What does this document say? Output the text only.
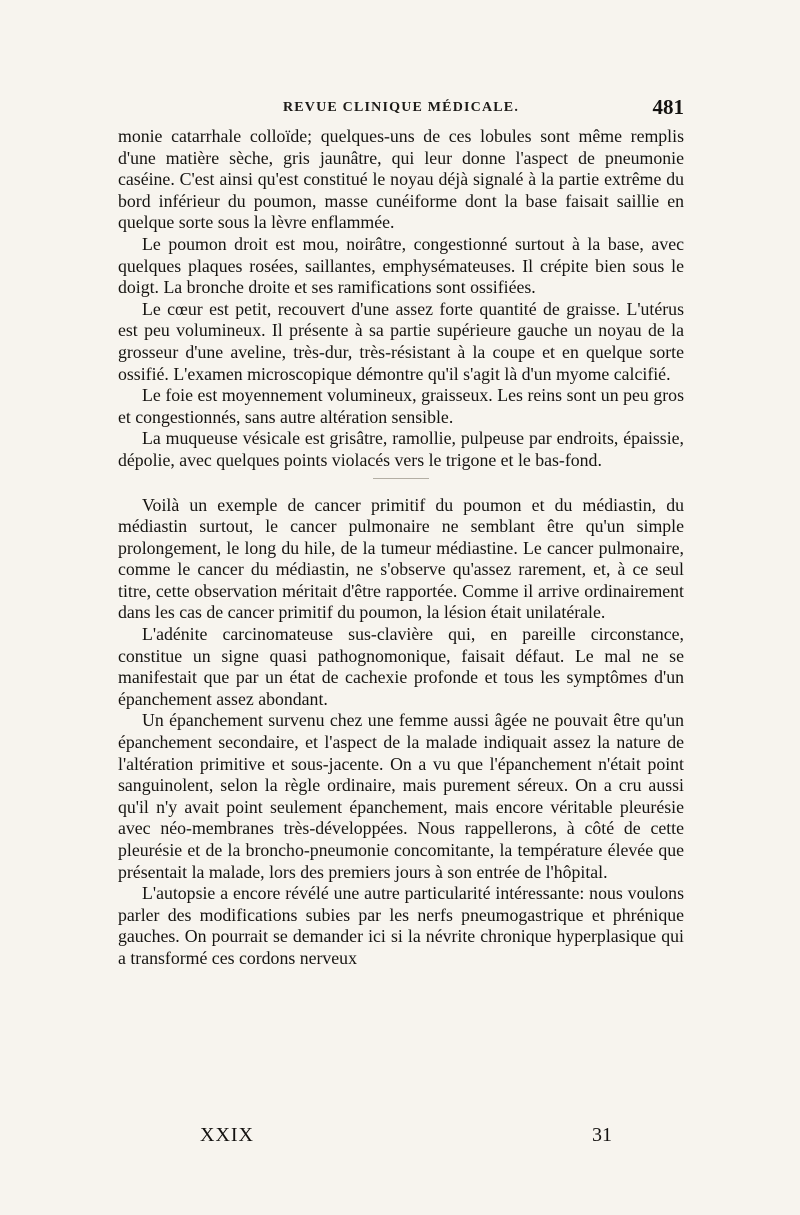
REVUE CLINIQUE MÉDICALE.	481

monie catarrhale colloïde; quelques-uns de ces lobules sont même remplis d'une matière sèche, gris jaunâtre, qui leur donne l'aspect de pneumonie caséine. C'est ainsi qu'est constitué le noyau déjà signalé à la partie extrême du bord inférieur du poumon, masse cunéiforme dont la base faisait saillie en quelque sorte sous la lèvre enflammée.

Le poumon droit est mou, noirâtre, congestionné surtout à la base, avec quelques plaques rosées, saillantes, emphysémateuses. Il crépite bien sous le doigt. La bronche droite et ses ramifications sont ossifiées.

Le cœur est petit, recouvert d'une assez forte quantité de graisse. L'utérus est peu volumineux. Il présente à sa partie supérieure gauche un noyau de la grosseur d'une aveline, très-dur, très-résistant à la coupe et en quelque sorte ossifié. L'examen microscopique démontre qu'il s'agit là d'un myome calcifié.

Le foie est moyennement volumineux, graisseux. Les reins sont un peu gros et congestionnés, sans autre altération sensible.

La muqueuse vésicale est grisâtre, ramollie, pulpeuse par endroits, épaissie, dépolie, avec quelques points violacés vers le trigone et le bas-fond.

Voilà un exemple de cancer primitif du poumon et du médiastin, du médiastin surtout, le cancer pulmonaire ne semblant être qu'un simple prolongement, le long du hile, de la tumeur médiastine. Le cancer pulmonaire, comme le cancer du médiastin, ne s'observe qu'assez rarement, et, à ce seul titre, cette observation méritait d'être rapportée. Comme il arrive ordinairement dans les cas de cancer primitif du poumon, la lésion était unilatérale.

L'adénite carcinomateuse sus-clavière qui, en pareille circonstance, constitue un signe quasi pathognomonique, faisait défaut. Le mal ne se manifestait que par un état de cachexie profonde et tous les symptômes d'un épanchement assez abondant.

Un épanchement survenu chez une femme aussi âgée ne pouvait être qu'un épanchement secondaire, et l'aspect de la malade indiquait assez la nature de l'altération primitive et sous-jacente. On a vu que l'épanchement n'était point sanguinolent, selon la règle ordinaire, mais purement séreux. On a cru aussi qu'il n'y avait point seulement épanchement, mais encore véritable pleurésie avec néo-membranes très-développées. Nous rappellerons, à côté de cette pleurésie et de la broncho-pneumonie concomitante, la température élevée que présentait la malade, lors des premiers jours à son entrée de l'hôpital.

L'autopsie a encore révélé une autre particularité intéressante: nous voulons parler des modifications subies par les nerfs pneumogastrique et phrénique gauches. On pourrait se demander ici si la névrite chronique hyperplasique qui a transformé ces cordons nerveux

XXIX	31
